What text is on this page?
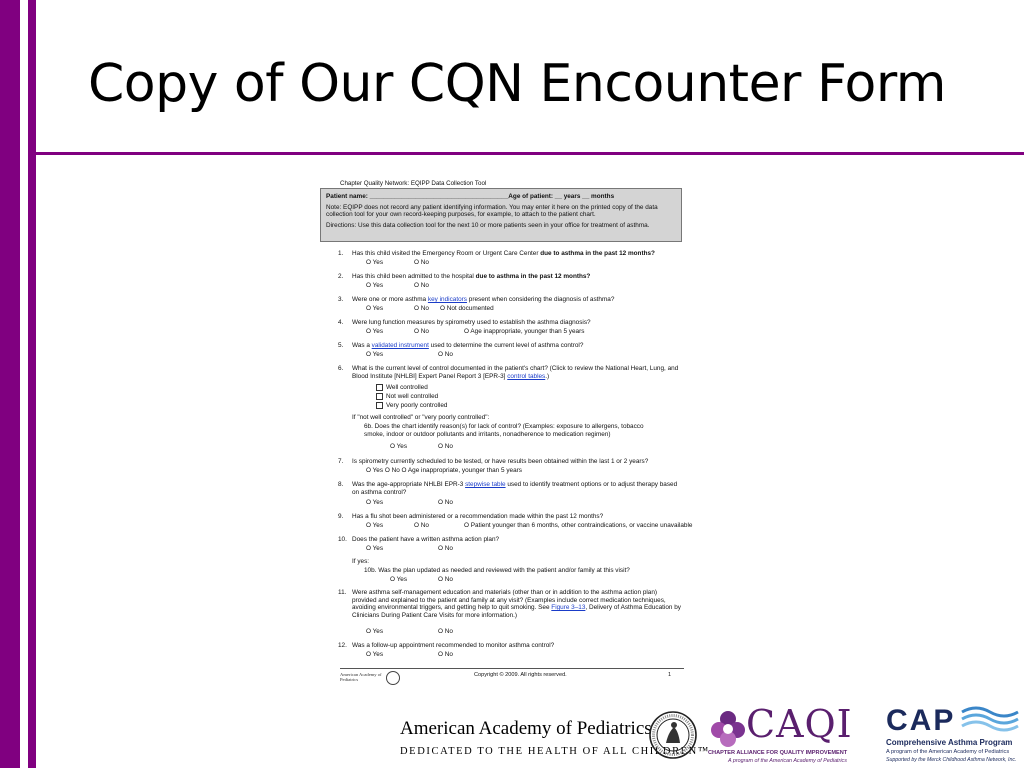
Copy of Our CQN Encounter Form
Chapter Quality Network: EQIPP Data Collection Tool
Patient name: _______________________________________Age of patient: __ years __ months
Note: EQIPP does not record any patient identifying information. You may enter it here on the printed copy of the data collection tool for your own record-keeping purposes, for example, to attach to the patient chart.
Directions: Use this data collection tool for the next 10 or more patients seen in your office for treatment of asthma.
1. Has this child visited the Emergency Room or Urgent Care Center due to asthma in the past 12 months?
O Yes	O No
2. Has this child been admitted to the hospital due to asthma in the past 12 months?
O Yes	O No
3. Were one or more asthma key indicators present when considering the diagnosis of asthma?
O Yes	O No O Not documented
4. Were lung function measures by spirometry used to establish the asthma diagnosis?
O Yes	O No	O Age inappropriate, younger than 5 years
5. Was a validated instrument used to determine the current level of asthma control?
O Yes	O No
6. What is the current level of control documented in the patient's chart? (Click to review the National Heart, Lung, and Blood Institute [NHLBI] Expert Panel Report 3 [EPR-3] control tables.)
Well controlled
Not well controlled
Very poorly controlled
If "not well controlled" or "very poorly controlled":
6b. Does the chart identify reason(s) for lack of control? (Examples: exposure to allergens, tobacco smoke, indoor or outdoor pollutants and irritants, nonadherence to medication regimen)
O Yes	O No
7. Is spirometry currently scheduled to be tested, or have results been obtained within the last 1 or 2 years?
O Yes O No O Age inappropriate, younger than 5 years
8. Was the age-appropriate NHLBI EPR-3 stepwise table used to identify treatment options or to adjust therapy based on asthma control?
O Yes	O No
9. Has a flu shot been administered or a recommendation made within the past 12 months?
O Yes	O No	O Patient younger than 6 months, other contraindications, or vaccine unavailable
10. Does the patient have a written asthma action plan?
O Yes	O No
If yes:
10b. Was the plan updated as needed and reviewed with the patient and/or family at this visit?
O Yes	O No
11. Were asthma self-management education and materials (other than or in addition to the asthma action plan) provided and explained to the patient and family at any visit? (Examples include correct medication techniques, avoiding environmental triggers, and getting help to quit smoking. See Figure 3–13, Delivery of Asthma Education by Clinicians During Patient Care Visits for more information.)
O Yes	O No
12. Was a follow-up appointment recommended to monitor asthma control?
O Yes	O No
American Academy of Pediatrics
Copyright © 2009. All rights reserved.	1
American Academy of Pediatrics
DEDICATED TO THE HEALTH OF ALL CHILDREN™
CAQI
CHAPTER ALLIANCE FOR QUALITY IMPROVEMENT
A program of the American Academy of Pediatrics
CAP
Comprehensive Asthma Program
A program of the American Academy of Pediatrics
Supported by the Merck Childhood Asthma Network, Inc.
